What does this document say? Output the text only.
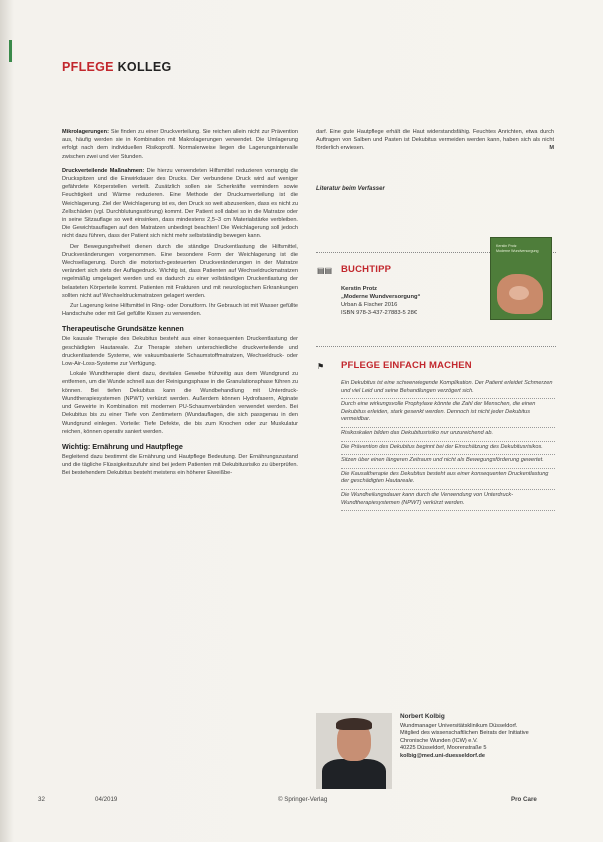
PFLEGE KOLLEG

Mikrolagerungen: Sie finden zu einer Druckverteilung. Sie reichen allein nicht zur Prävention aus, häufig werden sie in Kombination mit Makrolagerungen verwendet. Die Umlagerung erfolgt nach dem individuellen Risikoprofil. Normalerweise liegen die Lagerungsintervalle zwischen zwei und vier Stunden.

Druckverteilende Maßnahmen: Die hierzu verwendeten Hilfsmittel reduzieren vorrangig die Druckspitzen und die Einwirkdauer des Drucks. Der verbundene Druck wird auf weniger gefährdete Körperstellen verteilt. Zusätzlich sollen sie Scherkräfte vermindern sowie Feuchtigkeit und Wärme reduzieren. Eine Methode der Druckumverteilung ist die Weichlagerung. Ziel der Weichlagerung ist es, den Druck so weit abzusenken, dass es nicht zu Zellschäden (vgl. Durchblutungsstörung) kommt. Der Patient soll dabei so in die Matratze oder in seine Sitzauflage so weit einsinken, dass mindestens 2,5–3 cm Materialstärke verbleiben. Die Gewichtsauflagen auf den Matratzen unbedingt beachten! Die Weichlagerung soll jedoch nicht dazu führen, dass der Patient sich nicht mehr selbstständig bewegen kann.

Der Bewegungsfreiheit dienen durch die ständige Druckentlastung die Hilfsmittel, Druckveränderungen vorgenommen. Eine besondere Form der Weichlagerung ist die Wechsellagerung. Durch die motorisch-gesteuerten Druckveränderungen in der Matratze verändert sich stets der Auflagedruck. Wichtig ist, dass Patienten auf Wechseldruckmatratzen regelmäßig umgelagert werden und es dadurch zu einer vollständigen Druckentlastung der belasteten Körperteile kommt. Patienten mit Frakturen und mit neurologischen Erkrankungen sollten nicht auf Wechseldruckmatratzen gelagert werden.

Zur Lagerung keine Hilfsmittel in Ring- oder Donutform. Ihr Gebrauch ist mit Wasser gefüllte Handschuhe oder mit Gel gefüllte Kissen zu verwenden.

Therapeutische Grundsätze kennen

Die kausale Therapie des Dekubitus besteht aus einer konsequenten Druckentlastung der geschädigten Hautareale. Zur Therapie stehen unterschiedliche druckverteilende und druckentlastende Systeme, wie vakuumbasierte Schaumstoffmatratzen, Wechseldruck- oder Low-Air-Loss-Systeme zur Verfügung.

Lokale Wundtherapie dient dazu, devitales Gewebe frühzeitig aus dem Wundgrund zu entfernen, um die Wunde schnell aus der Reinigungsphase in die Granulationsphase führen zu können. Bei tiefen Dekubitus kann die Wundbehandlung mit Unterdruck-Wundtherapiesystemen (NPWT) verkürzt werden. Außerdem können Hydrofasern, Alginate und Geweirte in Kombination mit modernen PU-Schaumverbänden verwendet werden. Bei Dekubitus bis zu einer Tiefe von Zentimetern (Wundauflagen, die sich passgenau in den Wundgrund einlegen. Vorteile: Tiefe Defekte, die bis zum Knochen oder zur Muskulatur reichen, können operativ saniert werden.

Wichtig: Ernährung und Hautpflege

Begleitend dazu bestimmt die Ernährung und Hautpflege Bedeutung. Der Ernährungszustand und die tägliche Flüssigkeitszufuhr sind bei jedem Patienten mit Dekubitusrisiko zu überprüfen. Bei bestehendem Dekubitus besteht meistens ein höherer Eiweißbe-

darf. Eine gute Hautpflege erhält die Haut widerstandsfähig. Feuchtes Anrichten, etwa durch Auftragen von Salben und Pasten ist Dekubitus vermeiden werden kann, haben sich als nicht förderlich erwiesen.	M
Literatur beim Verfasser
▤▤ BUCHTIPP
Kerstin Protz
„Moderne Wundversorgung“
Urban & Fischer 2016
ISBN 978-3-437-27883-5 28€
Kerstin Protz
Moderne Wundversorgung
⚑ PFLEGE EINFACH MACHEN
Ein Dekubitus ist eine schwerwiegende Komplikation. Der Patient erleidet Schmerzen und viel Leid und seine Behandlungen verzögert sich.
Durch eine wirkungsvolle Prophylaxe könnte die Zahl der Menschen, die einen Dekubitus erleiden, stark gesenkt werden. Dennoch ist nicht jeder Dekubitus vermeidbar.
Risikoskalen bilden das Dekubitusrisiko nur unzureichend ab.
Die Prävention des Dekubitus beginnt bei der Einschätzung des Dekubitusrisikos.
Sitzen über einen längeren Zeitraum und nicht als Bewegungsförderung gewertet.
Die Kausaltherapie des Dekubitus besteht aus einer konsequenten Druckentlastung der geschädigten Hautareale.
Die Wundheilungsdauer kann durch die Verwendung von Unterdruck-Wundtherapiesystemen (NPWT) verkürzt werden.
Norbert Kolbig
Wundmanager Universitätsklinikum Düsseldorf.
Mitglied des wissenschaftlichen Beirats der Initiative Chronische Wunden (ICW) e.V.
40225 Düsseldorf, Moorenstraße 5
kolbig@med.uni-duesseldorf.de
32	04/2019	© Springer-Verlag	Pro Care
